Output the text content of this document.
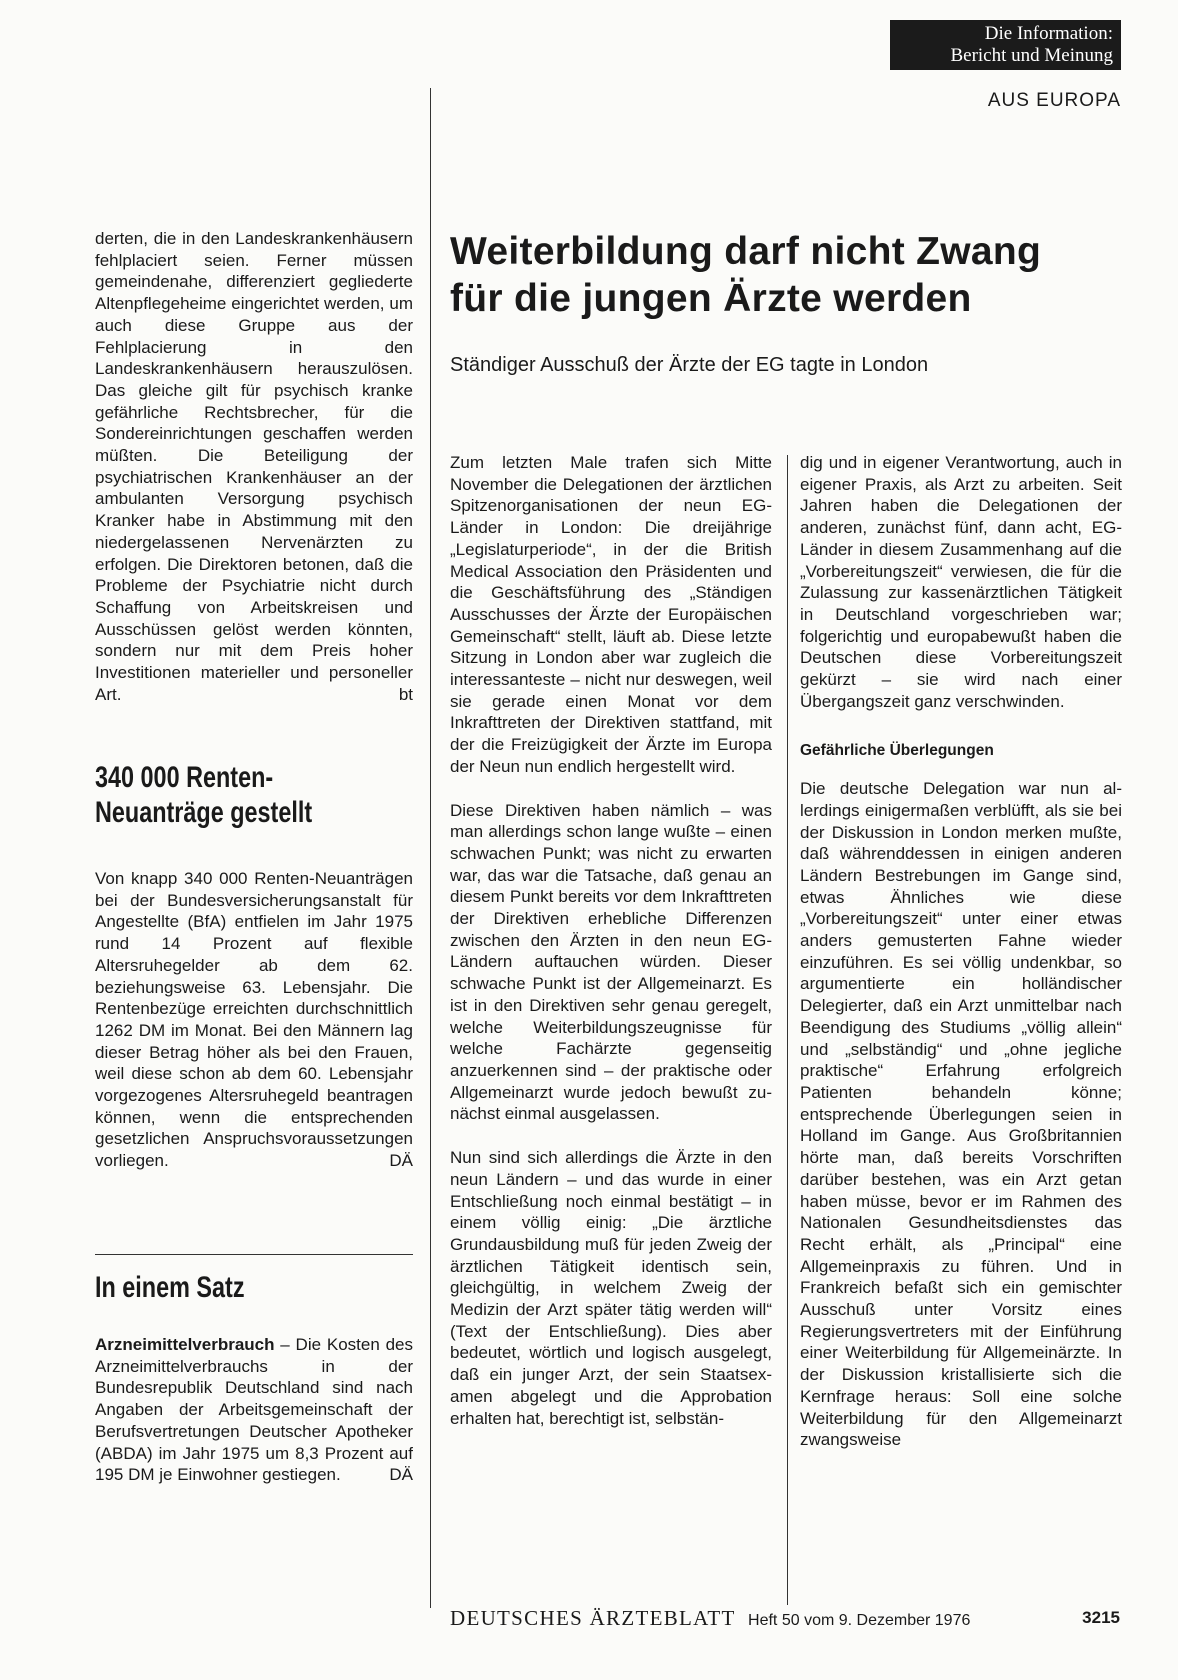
Die Information:
Bericht und Meinung
AUS EUROPA

derten, die in den Landeskrankenhäusern fehlplaciert seien. Ferner müssen gemeindenahe, differenziert gegliederte Altenpflegeheime eingerichtet werden, um auch diese Gruppe aus der Fehlplacierung in den Landeskrankenhäusern herauszulösen. Das gleiche gilt für psychisch kranke gefährliche Rechtsbrecher, für die Sondereinrichtungen geschaffen werden müßten. Die Beteiligung der psychiatrischen Krankenhäuser an der ambulanten Versorgung psychisch Kranker habe in Abstimmung mit den niedergelassenen Nervenärzten zu erfolgen. Die Direktoren betonen, daß die Probleme der Psychiatrie nicht durch Schaffung von Arbeitskreisen und Ausschüssen gelöst werden könnten, sondern nur mit dem Preis hoher Investitionen materieller und personeller Art.	bt

340 000 Renten-
Neuanträge gestellt

Von knapp 340 000 Renten-Neuanträgen bei der Bundesversicherungsanstalt für Angestellte (BfA) entfielen im Jahr 1975 rund 14 Prozent auf flexible Altersruhegelder ab dem 62. beziehungsweise 63. Lebensjahr. Die Rentenbezüge erreichten durchschnittlich 1262 DM im Monat. Bei den Männern lag dieser Betrag höher als bei den Frauen, weil diese schon ab dem 60. Lebensjahr vorgezogenes Altersruhegeld beantragen können, wenn die entsprechenden gesetzlichen Anspruchsvoraussetzungen vorliegen.	DÄ

In einem Satz

Arzneimittelverbrauch – Die Kosten des Arzneimittelverbrauchs in der Bundesrepublik Deutschland sind nach Angaben der Arbeitsgemeinschaft der Berufsvertretungen Deutscher Apotheker (ABDA) im Jahr 1975 um 8,3 Prozent auf 195 DM je Einwohner gestiegen.	DÄ

Weiterbildung darf nicht Zwang
für die jungen Ärzte werden
Ständiger Ausschuß der Ärzte der EG tagte in London

Zum letzten Male trafen sich Mitte November die Delegationen der ärztlichen Spitzenorganisationen der neun EG-Länder in London: Die dreijährige „Legislaturperiode“, in der die British Medical Association den Präsidenten und die Geschäftsführung des „Ständigen Ausschusses der Ärzte der Europäischen Gemeinschaft“ stellt, läuft ab. Diese letzte Sitzung in London aber war zugleich die interessanteste – nicht nur deswegen, weil sie gerade einen Monat vor dem Inkrafttreten der Direktiven stattfand, mit der die Freizügigkeit der Ärzte im Europa der Neun nun endlich hergestellt wird.

Diese Direktiven haben nämlich – was man allerdings schon lange wußte – einen schwachen Punkt; was nicht zu erwarten war, das war die Tatsache, daß genau an diesem Punkt bereits vor dem Inkrafttreten der Direktiven erhebliche Differenzen zwischen den Ärzten in den neun EG-Ländern auftauchen würden. Dieser schwache Punkt ist der Allgemeinarzt. Es ist in den Direktiven sehr genau geregelt, welche Weiterbildungszeugnisse für welche Fachärzte gegenseitig anzuerkennen sind – der praktische oder Allgemeinarzt wurde jedoch bewußt zunächst einmal ausgelassen.

Nun sind sich allerdings die Ärzte in den neun Ländern – und das wurde in einer Entschließung noch einmal bestätigt – in einem völlig einig: „Die ärztliche Grundausbildung muß für jeden Zweig der ärztlichen Tätigkeit identisch sein, gleichgültig, in welchem Zweig der Medizin der Arzt später tätig werden will“ (Text der Entschließung). Dies aber bedeutet, wörtlich und logisch ausgelegt, daß ein junger Arzt, der sein Staatsexamen abgelegt und die Approbation erhalten hat, berechtigt ist, selbstän-

dig und in eigener Verantwortung, auch in eigener Praxis, als Arzt zu arbeiten. Seit Jahren haben die Delegationen der anderen, zunächst fünf, dann acht, EG-Länder in diesem Zusammenhang auf die „Vorbereitungszeit“ verwiesen, die für die Zulassung zur kassenärztlichen Tätigkeit in Deutschland vorgeschrieben war; folgerichtig und europabewußt haben die Deutschen diese Vorbereitungszeit gekürzt – sie wird nach einer Übergangszeit ganz verschwinden.

Gefährliche Überlegungen

Die deutsche Delegation war nun allerdings einigermaßen verblüfft, als sie bei der Diskussion in London merken mußte, daß währenddessen in einigen anderen Ländern Bestrebungen im Gange sind, etwas Ähnliches wie diese „Vorbereitungszeit“ unter einer etwas anders gemusterten Fahne wieder einzuführen. Es sei völlig undenkbar, so argumentierte ein holländischer Delegierter, daß ein Arzt unmittelbar nach Beendigung des Studiums „völlig allein“ und „selbständig“ und „ohne jegliche praktische“ Erfahrung erfolgreich Patienten behandeln könne; entsprechende Überlegungen seien in Holland im Gange. Aus Großbritannien hörte man, daß bereits Vorschriften darüber bestehen, was ein Arzt getan haben müsse, bevor er im Rahmen des Nationalen Gesundheitsdienstes das Recht erhält, als „Principal“ eine Allgemeinpraxis zu führen. Und in Frankreich befaßt sich ein gemischter Ausschuß unter Vorsitz eines Regierungsvertreters mit der Einführung einer Weiterbildung für Allgemeinärzte. In der Diskussion kristallisierte sich die Kernfrage heraus: Soll eine solche Weiterbildung für den Allgemeinarzt zwangsweise

DEUTSCHES ÄRZTEBLATT Heft 50 vom 9. Dezember 1976	3215
